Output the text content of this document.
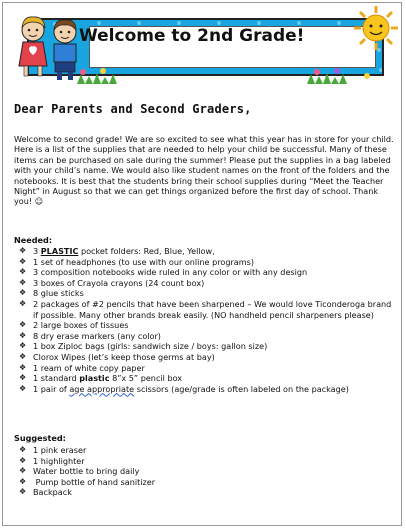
Welcome to 2nd Grade!
Dear Parents and Second Graders,
Welcome to second grade! We are so excited to see what this year has in store for your child. Here is a list of the supplies that are needed to help your child be successful. Many of these items can be purchased on sale during the summer! Please put the supplies in a bag labeled with your child’s name. We would also like student names on the front of the folders and the notebooks. It is best that the students bring their school supplies during “Meet the Teacher Night” in August so that we can get things organized before the first day of school. Thank you! ☺
Needed:
❖ 3 PLASTIC pocket folders: Red, Blue, Yellow,
❖ 1 set of headphones (to use with our online programs)
❖ 3 composition notebooks wide ruled in any color or with any design
❖ 3 boxes of Crayola crayons (24 count box)
❖ 8 glue sticks
❖ 2 packages of #2 pencils that have been sharpened – We would love Ticonderoga brand if possible. Many other brands break easily. (NO handheld pencil sharpeners please)
❖ 2 large boxes of tissues
❖ 8 dry erase markers (any color)
❖ 1 box Ziploc bags (girls: sandwich size / boys: gallon size)
❖ Clorox Wipes (let’s keep those germs at bay)
❖ 1 ream of white copy paper
❖ 1 standard plastic 8”x 5” pencil box
❖ 1 pair of age appropriate scissors (age/grade is often labeled on the package)
Suggested:
❖ 1 pink eraser
❖ 1 highlighter
❖ Water bottle to bring daily
❖ Pump bottle of hand sanitizer
❖ Backpack
